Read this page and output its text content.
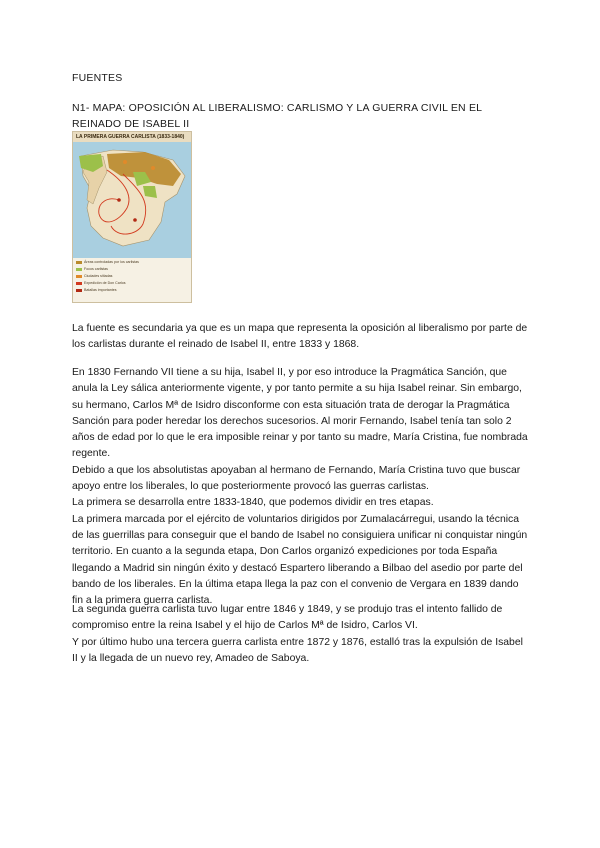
FUENTES
N1- MAPA: OPOSICIÓN AL LIBERALISMO: CARLISMO Y LA GUERRA CIVIL EN EL REINADO DE ISABEL II
LA PRIMERA GUERRA CARLISTA (1833-1840)
Áreas controladas por los carlistas
Focos carlistas
Ciudades sitiadas
Expedición de Don Carlos
Batallas importantes

La fuente es secundaria ya que es un mapa que representa la oposición al liberalismo por parte de los carlistas durante el reinado de Isabel II, entre 1833 y 1868.

En 1830 Fernando VII tiene a su hija, Isabel II, y por eso introduce la Pragmática Sanción, que anula la Ley sálica anteriormente vigente, y por tanto permite a su hija Isabel reinar. Sin embargo, su hermano, Carlos Mª de Isidro disconforme con esta situación trata de derogar la Pragmática Sanción para poder heredar los derechos sucesorios. Al morir Fernando, Isabel tenía tan solo 2 años de edad por lo que le era imposible reinar y por tanto su madre, María Cristina, fue nombrada regente.

Debido a que los absolutistas apoyaban al hermano de Fernando, María Cristina tuvo que buscar apoyo entre los liberales, lo que posteriormente provocó las guerras carlistas.

La primera se desarrolla entre 1833-1840, que podemos dividir en tres etapas.

La primera marcada por el ejército de voluntarios dirigidos por Zumalacárregui, usando la técnica de las guerrillas para conseguir que el bando de Isabel no consiguiera unificar ni conquistar ningún territorio. En cuanto a la segunda etapa, Don Carlos organizó expediciones por toda España llegando a Madrid sin ningún éxito y destacó Espartero liberando a Bilbao del asedio por parte del bando de los liberales. En la última etapa llega la paz con el convenio de Vergara en 1839 dando fin a la primera guerra carlista.

La segunda guerra carlista tuvo lugar entre 1846 y 1849, y se produjo tras el intento fallido de compromiso entre la reina Isabel y el hijo de Carlos Mª de Isidro, Carlos VI.

Y por último hubo una tercera guerra carlista entre 1872 y 1876, estalló tras la expulsión de Isabel II y la llegada de un nuevo rey, Amadeo de Saboya.
